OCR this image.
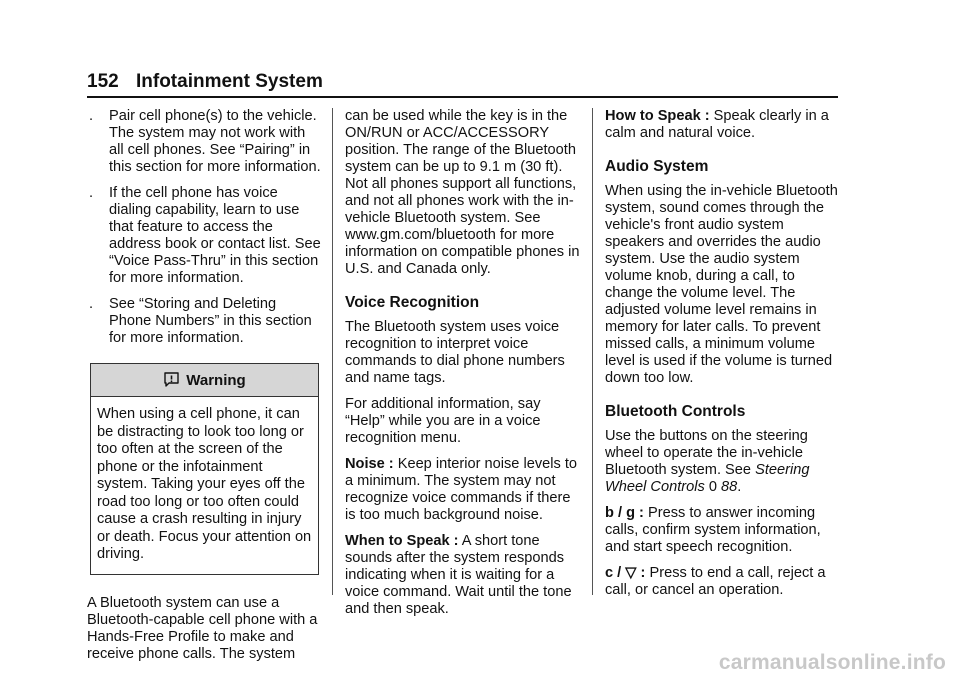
152 Infotainment System
. Pair cell phone(s) to the vehicle. The system may not work with all cell phones. See “Pairing” in this section for more information.
. If the cell phone has voice dialing capability, learn to use that feature to access the address book or contact list. See “Voice Pass-Thru” in this section for more information.
. See “Storing and Deleting Phone Numbers” in this section for more information.
Warning
When using a cell phone, it can be distracting to look too long or too often at the screen of the phone or the infotainment system. Taking your eyes off the road too long or too often could cause a crash resulting in injury or death. Focus your attention on driving.

A Bluetooth system can use a Bluetooth-capable cell phone with a Hands-Free Profile to make and receive phone calls. The system

can be used while the key is in the ON/RUN or ACC/ACCESSORY position. The range of the Bluetooth system can be up to 9.1 m (30 ft). Not all phones support all functions, and not all phones work with the in-vehicle Bluetooth system. See www.gm.com/bluetooth for more information on compatible phones in U.S. and Canada only.

Voice Recognition

The Bluetooth system uses voice recognition to interpret voice commands to dial phone numbers and name tags.

For additional information, say “Help” while you are in a voice recognition menu.

Noise : Keep interior noise levels to a minimum. The system may not recognize voice commands if there is too much background noise.

When to Speak : A short tone sounds after the system responds indicating when it is waiting for a voice command. Wait until the tone and then speak.

How to Speak : Speak clearly in a calm and natural voice.

Audio System

When using the in-vehicle Bluetooth system, sound comes through the vehicle's front audio system speakers and overrides the audio system. Use the audio system volume knob, during a call, to change the volume level. The adjusted volume level remains in memory for later calls. To prevent missed calls, a minimum volume level is used if the volume is turned down too low.

Bluetooth Controls

Use the buttons on the steering wheel to operate the in-vehicle Bluetooth system. See Steering Wheel Controls 0 88.

b / g : Press to answer incoming calls, confirm system information, and start speech recognition.

c / ▽ : Press to end a call, reject a call, or cancel an operation.

carmanualsonline.info
